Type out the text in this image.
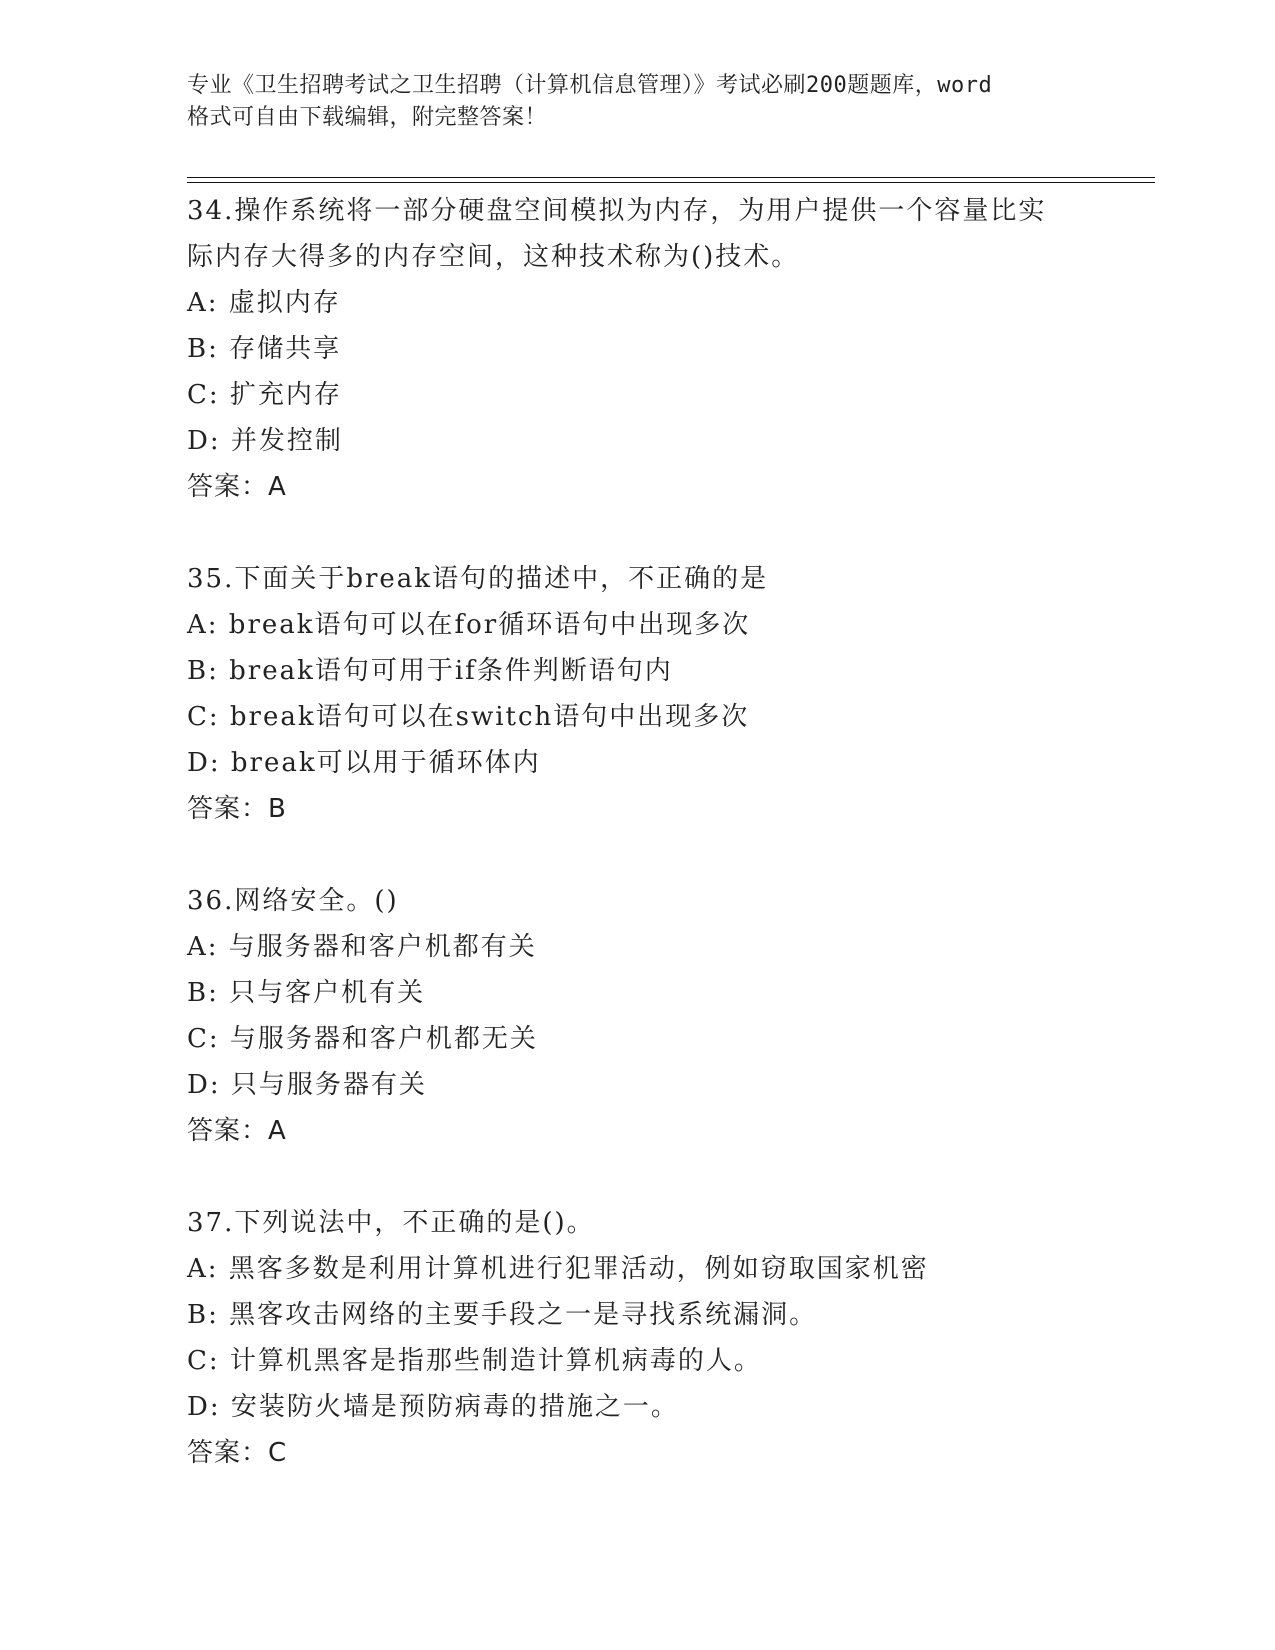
专业《卫生招聘考试之卫生招聘（计算机信息管理）》考试必刷200题题库，word
格式可自由下载编辑，附完整答案！
34.操作系统将一部分硬盘空间模拟为内存，为用户提供一个容量比实
际内存大得多的内存空间，这种技术称为()技术。
A: 虚拟内存
B: 存储共享
C: 扩充内存
D: 并发控制
答案：A
35.下面关于break语句的描述中，不正确的是
A: break语句可以在for循环语句中出现多次
B: break语句可用于if条件判断语句内
C: break语句可以在switch语句中出现多次
D: break可以用于循环体内
答案：B
36.网络安全。()
A: 与服务器和客户机都有关
B: 只与客户机有关
C: 与服务器和客户机都无关
D: 只与服务器有关
答案：A
37.下列说法中，不正确的是()。
A: 黑客多数是利用计算机进行犯罪活动，例如窃取国家机密
B: 黑客攻击网络的主要手段之一是寻找系统漏洞。
C: 计算机黑客是指那些制造计算机病毒的人。
D: 安装防火墙是预防病毒的措施之一。
答案：C
